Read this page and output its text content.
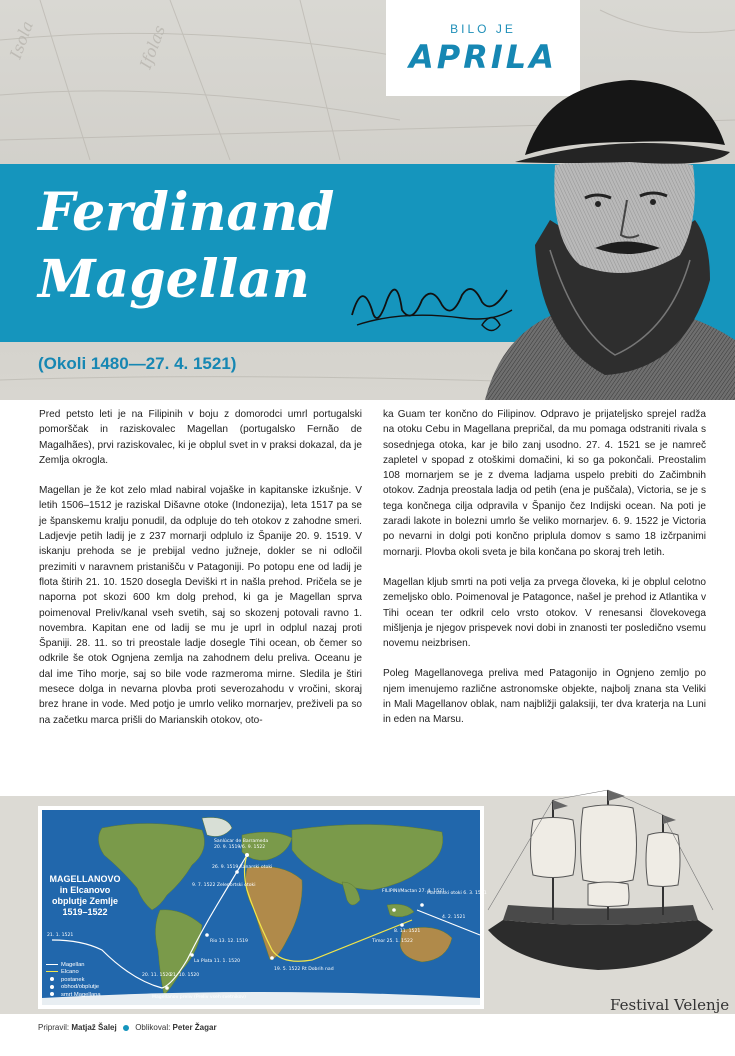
Isola	Ifolas	BILO JE
APRILA
Ferdinand
Magellan
(Okoli 1480—27. 4. 1521)

Pred petsto leti je na Filipinih v boju z domorodci umrl portugalski pomorščak in raziskovalec Magellan (portugalsko Fernão de Magalhães), prvi raziskovalec, ki je obplul svet in v praksi dokazal, da je Zemlja okrogla.

Magellan je že kot zelo mlad nabiral vojaške in kapitanske izkušnje. V letih 1506–1512 je raziskal Dišavne otoke (Indonezija), leta 1517 pa se je španskemu kralju ponudil, da odpluje do teh otokov z zahodne smeri. Ladjevje petih ladij je z 237 mornarji odplulo iz Španije 20. 9. 1519. V iskanju prehoda se je prebijal vedno južneje, dokler se ni odločil prezimiti v naravnem pristanišču v Patagoniji. Po potopu ene od ladij je flota štirih 21. 10. 1520 dosegla Deviški rt in našla prehod. Pričela se je naporna pot skozi 600 km dolg prehod, ki ga je Magellan sprva poimenoval Preliv/kanal vseh svetih, saj so skozenj potovali ravno 1. novembra. Kapitan ene od ladij se mu je uprl in odplul nazaj proti Španiji. 28. 11. so tri preostale ladje dosegle Tihi ocean, ob čemer so odkrile še otok Ognjena zemlja na zahodnem delu preliva. Oceanu je dal ime Tiho morje, saj so bile vode razmeroma mirne. Sledila je štiri mesece dolga in nevarna plovba proti severozahodu v vročini, skoraj brez hrane in vode. Med potjo je umrlo veliko mornarjev, preživeli pa so na začetku marca prišli do Marianskih otokov, oto-

ka Guam ter končno do Filipinov. Odpravo je prijateljsko sprejel radža na otoku Cebu in Magellana prepričal, da mu pomaga odstraniti rivala s sosednjega otoka, kar je bilo zanj usodno. 27. 4. 1521 se je namreč zapletel v spopad z otoškimi domačini, ki so ga pokončali. Preostalim 108 mornarjem se je z dvema ladjama uspelo prebiti do Začimbnih otokov. Zadnja preostala ladja od petih (ena je puščala), Victoria, se je s tega končnega cilja odpravila v Španijo čez Indijski ocean. Na poti je zaradi lakote in bolezni umrlo še veliko mornarjev. 6. 9. 1522 je Victoria po nevarni in dolgi poti končno priplula domov s samo 18 izčrpanimi mornarji. Plovba okoli sveta je bila končana po skoraj treh letih.

Magellan kljub smrti na poti velja za prvega človeka, ki je obplul celotno zemeljsko oblo. Poimenoval je Patagonce, našel je prehod iz Atlantika v Tihi ocean ter odkril celo vrsto otokov. V renesansi človekovega mišljenja je njegov prispevek novi dobi in znanosti ter posledično vsemu novemu neizbrisen.

Poleg Magellanovega preliva med Patagonijo in Ognjeno zemljo po njem imenujemo različne astronomske objekte, najbolj znana sta Veliki in Mali Magellanov oblak, nam najbližji galaksiji, ter dva kraterja na Luni in eden na Marsu.

Sanlúcar de Barrameda
20. 9. 1519/6. 9. 1522
26. 9. 1519 Kanarski otoki
9. 7. 1522 Zelenortski otoki
Rio 13. 12. 1519
La Plata 11. 1. 1520
21. 1. 1521
20. 11. 1520
21. 10. 1520
Magellanov preliv (Preliv vseh svetnikov)
19. 5. 1522 Rt Dobrih nad
FILIPINI/Mactan 27. 4. 1521
Marianski otoki 6. 3. 1521
8. 11. 1521
4. 2. 1521
Timor 25. 1. 1522
MAGELLANOVO
in Elcanovo
obplutje Zemlje
1519–1522
Magellan
Elcano
postanek
obhod/obplutje
smrt Magellana
Festival Velenje
Pripravil: Matjaž Šalej Oblikoval: Peter Žagar
